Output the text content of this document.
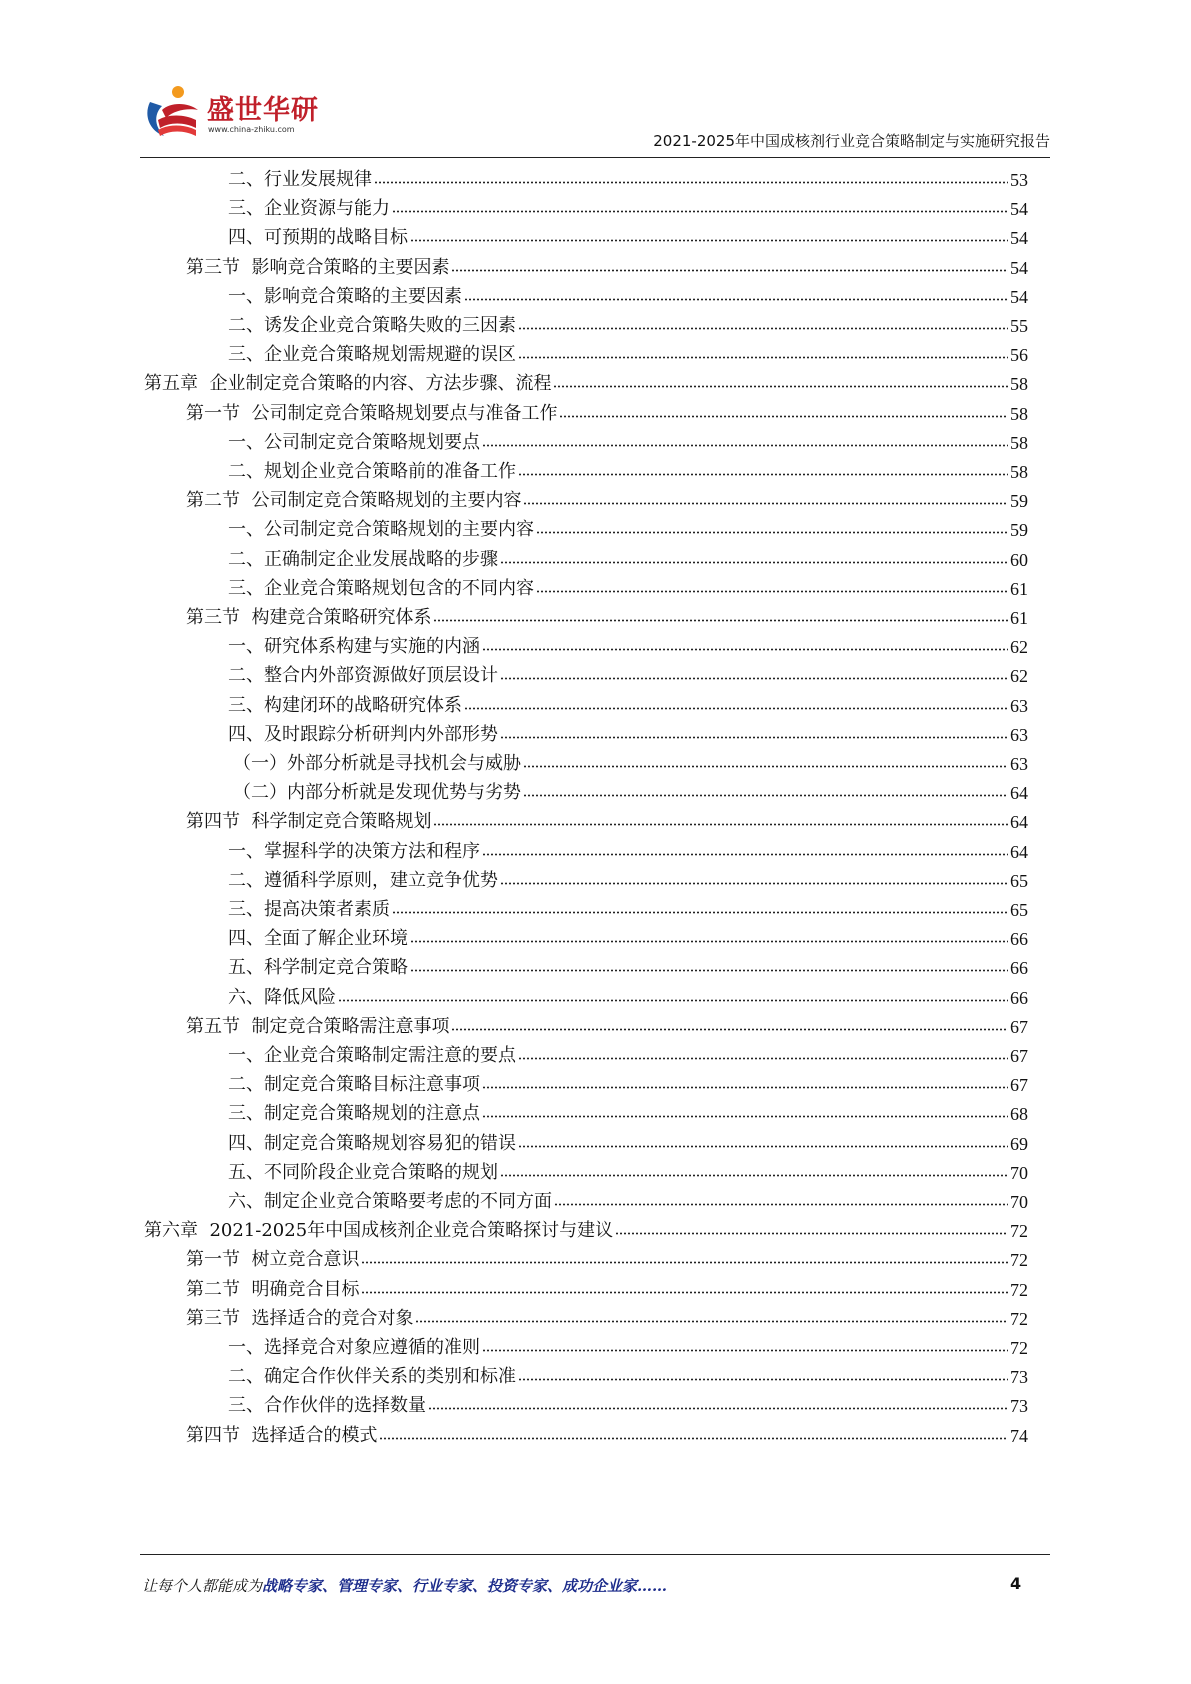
盛世华研
www.china-zhiku.com
2021-2025年中国成核剂行业竞合策略制定与实施研究报告
二、行业发展规律	53
三、企业资源与能力	54
四、可预期的战略目标	54
第三节  影响竞合策略的主要因素	54
一、影响竞合策略的主要因素	54
二、诱发企业竞合策略失败的三因素	55
三、企业竞合策略规划需规避的误区	56
第五章  企业制定竞合策略的内容、方法步骤、流程	58
第一节  公司制定竞合策略规划要点与准备工作	58
一、公司制定竞合策略规划要点	58
二、规划企业竞合策略前的准备工作	58
第二节  公司制定竞合策略规划的主要内容	59
一、公司制定竞合策略规划的主要内容	59
二、正确制定企业发展战略的步骤	60
三、企业竞合策略规划包含的不同内容	61
第三节  构建竞合策略研究体系	61
一、研究体系构建与实施的内涵	62
二、整合内外部资源做好顶层设计	62
三、构建闭环的战略研究体系	63
四、及时跟踪分析研判内外部形势	63
（一）外部分析就是寻找机会与威胁	63
（二）内部分析就是发现优势与劣势	64
第四节  科学制定竞合策略规划	64
一、掌握科学的决策方法和程序	64
二、遵循科学原则，建立竞争优势	65
三、提高决策者素质	65
四、全面了解企业环境	66
五、科学制定竞合策略	66
六、降低风险	66
第五节  制定竞合策略需注意事项	67
一、企业竞合策略制定需注意的要点	67
二、制定竞合策略目标注意事项	67
三、制定竞合策略规划的注意点	68
四、制定竞合策略规划容易犯的错误	69
五、不同阶段企业竞合策略的规划	70
六、制定企业竞合策略要考虑的不同方面	70
第六章  2021-2025年中国成核剂企业竞合策略探讨与建议	72
第一节  树立竞合意识	72
第二节  明确竞合目标	72
第三节  选择适合的竞合对象	72
一、选择竞合对象应遵循的准则	72
二、确定合作伙伴关系的类别和标准	73
三、合作伙伴的选择数量	73
第四节  选择适合的模式	74
让每个人都能成为战略专家、管理专家、行业专家、投资专家、成功企业家……	4
